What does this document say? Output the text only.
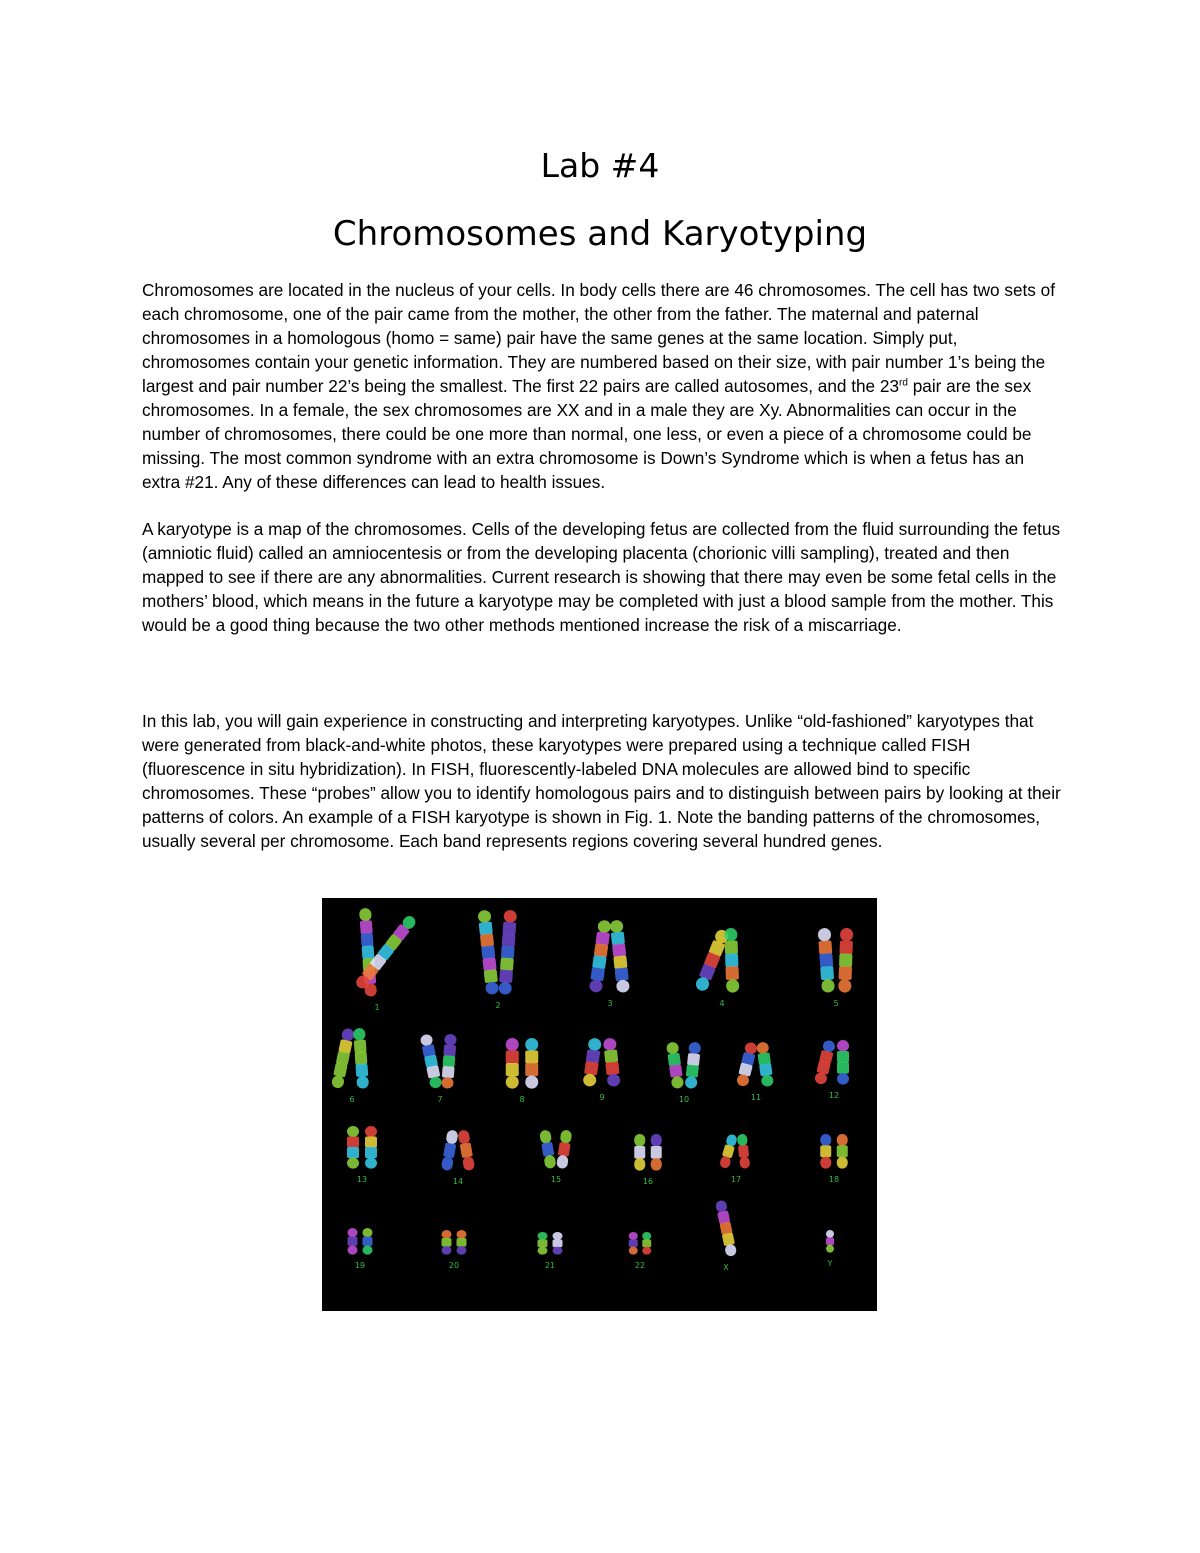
Lab #4
Chromosomes and Karyotyping
Chromosomes are located in the nucleus of your cells. In body cells there are 46 chromosomes. The cell has two sets of each chromosome, one of the pair came from the mother, the other from the father. The maternal and paternal chromosomes in a homologous (homo = same) pair have the same genes at the same location. Simply put, chromosomes contain your genetic information. They are numbered based on their size, with pair number 1’s being the largest and pair number 22’s being the smallest. The first 22 pairs are called autosomes, and the 23rd pair are the sex chromosomes. In a female, the sex chromosomes are XX and in a male they are Xy. Abnormalities can occur in the number of chromosomes, there could be one more than normal, one less, or even a piece of a chromosome could be missing. The most common syndrome with an extra chromosome is Down’s Syndrome which is when a fetus has an extra #21. Any of these differences can lead to health issues.
A karyotype is a map of the chromosomes. Cells of the developing fetus are collected from the fluid surrounding the fetus (amniotic fluid) called an amniocentesis or from the developing placenta (chorionic villi sampling), treated and then mapped to see if there are any abnormalities. Current research is showing that there may even be some fetal cells in the mothers’ blood, which means in the future a karyotype may be completed with just a blood sample from the mother. This would be a good thing because the two other methods mentioned increase the risk of a miscarriage.
In this lab, you will gain experience in constructing and interpreting karyotypes. Unlike “old-fashioned” karyotypes that were generated from black-and-white photos, these karyotypes were prepared using a technique called FISH (fluorescence in situ hybridization). In FISH, fluorescently-labeled DNA molecules are allowed bind to specific chromosomes. These “probes” allow you to identify homologous pairs and to distinguish between pairs by looking at their patterns of colors. An example of a FISH karyotype is shown in Fig. 1. Note the banding patterns of the chromosomes, usually several per chromosome. Each band represents regions covering several hundred genes.
1	2	3	4	5
6	7	8	9	10	11	12
13	14	15	16	17	18
19	20	21	22	X	Y
